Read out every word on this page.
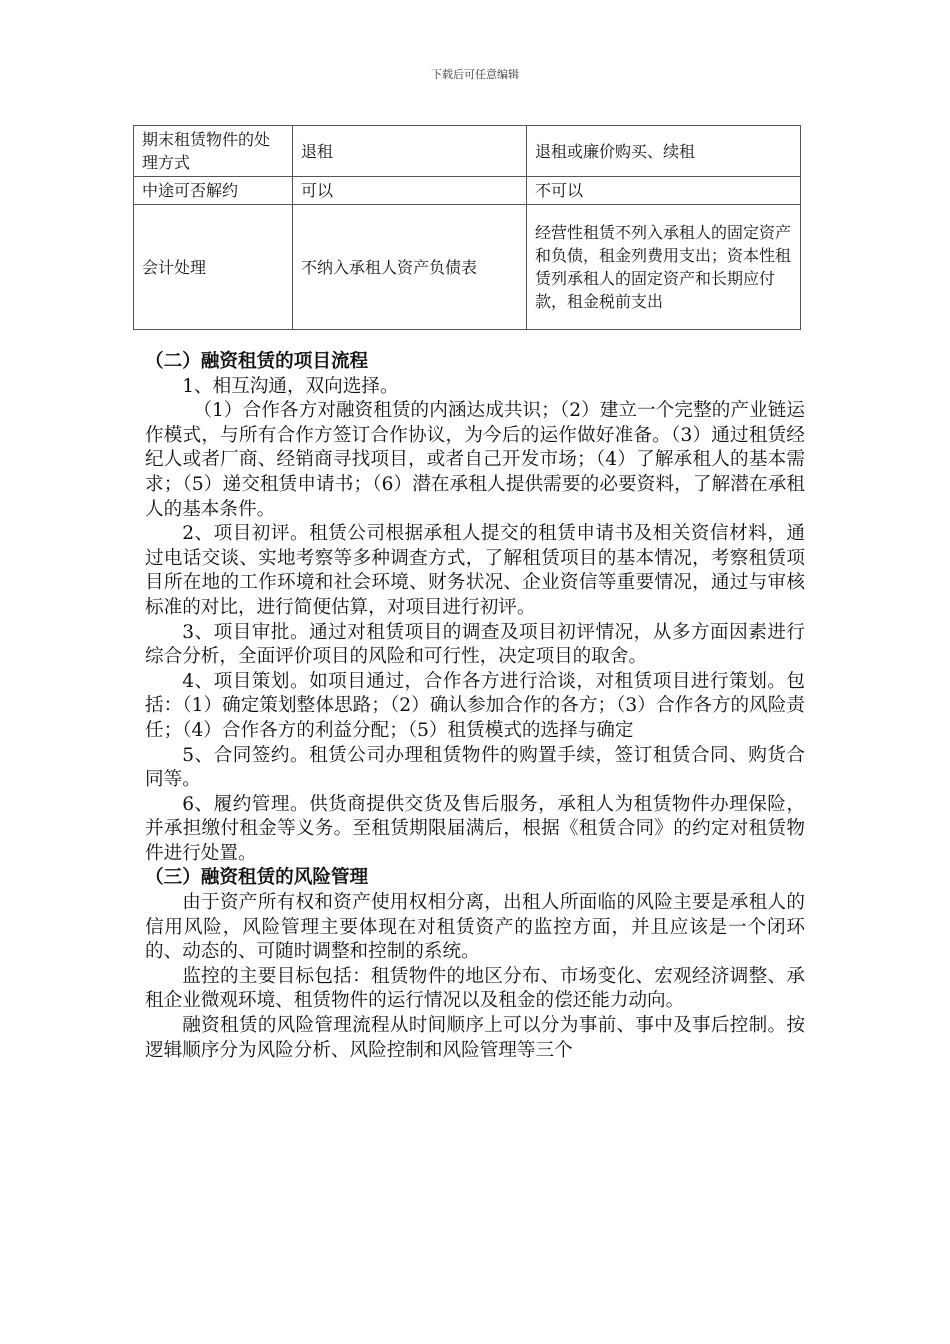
下载后可任意编辑
期末租赁物件的处理方式	退租	退租或廉价购买、续租
中途可否解约	可以	不可以
会计处理	不纳入承租人资产负债表	经营性租赁不列入承租人的固定资产和负债，租金列费用支出；资本性租赁列承租人的固定资产和长期应付款，租金税前支出

（二）融资租赁的项目流程

1、相互沟通，双向选择。

（1）合作各方对融资租赁的内涵达成共识；（2）建立一个完整的产业链运作模式，与所有合作方签订合作协议，为今后的运作做好准备。（3）通过租赁经纪人或者厂商、经销商寻找项目，或者自己开发市场；（4）了解承租人的基本需求；（5）递交租赁申请书；（6）潜在承租人提供需要的必要资料，了解潜在承租人的基本条件。

2、项目初评。租赁公司根据承租人提交的租赁申请书及相关资信材料，通过电话交谈、实地考察等多种调查方式，了解租赁项目的基本情况，考察租赁项目所在地的工作环境和社会环境、财务状况、企业资信等重要情况，通过与审核标准的对比，进行简便估算，对项目进行初评。

3、项目审批。通过对租赁项目的调查及项目初评情况，从多方面因素进行综合分析，全面评价项目的风险和可行性，决定项目的取舍。

4、项目策划。如项目通过，合作各方进行洽谈，对租赁项目进行策划。包括：（1）确定策划整体思路；（2）确认参加合作的各方；（3）合作各方的风险责任；（4）合作各方的利益分配；（5）租赁模式的选择与确定

5、合同签约。租赁公司办理租赁物件的购置手续，签订租赁合同、购货合同等。

6、履约管理。供货商提供交货及售后服务，承租人为租赁物件办理保险，并承担缴付租金等义务。至租赁期限届满后，根据《租赁合同》的约定对租赁物件进行处置。

（三）融资租赁的风险管理

由于资产所有权和资产使用权相分离，出租人所面临的风险主要是承租人的信用风险，风险管理主要体现在对租赁资产的监控方面，并且应该是一个闭环的、动态的、可随时调整和控制的系统。

监控的主要目标包括：租赁物件的地区分布、市场变化、宏观经济调整、承租企业微观环境、租赁物件的运行情况以及租金的偿还能力动向。

融资租赁的风险管理流程从时间顺序上可以分为事前、事中及事后控制。按逻辑顺序分为风险分析、风险控制和风险管理等三个
